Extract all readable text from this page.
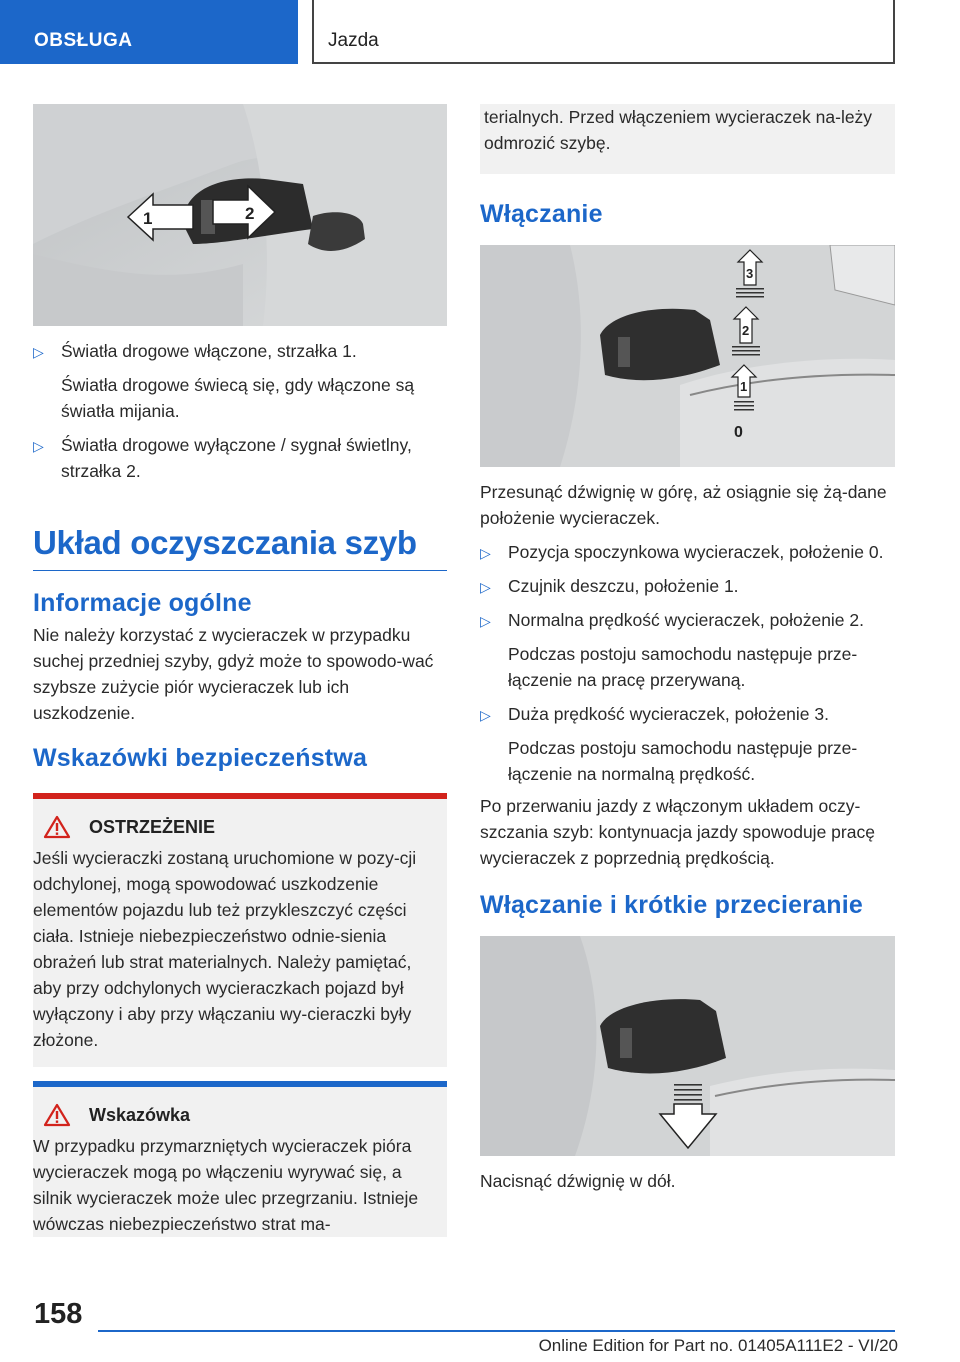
OBSŁUGA	Jazda
1	2
▷ Światła drogowe włączone, strzałka 1.
Światła drogowe świecą się, gdy włączone są światła mijania.
▷ Światła drogowe wyłączone / sygnał świetlny, strzałka 2.
Układ oczyszczania szyb
Informacje ogólne

Nie należy korzystać z wycieraczek w przypadku suchej przedniej szyby, gdyż może to spowodo‐wać szybsze zużycie piór wycieraczek lub ich uszkodzenie.

Wskazówki bezpieczeństwa
OSTRZEŻENIE

Jeśli wycieraczki zostaną uruchomione w pozy‐cji odchylonej, mogą spowodować uszkodzenie elementów pojazdu lub też przykleszczyć części ciała. Istnieje niebezpieczeństwo odnie‐sienia obrażeń lub strat materialnych. Należy pamiętać, aby przy odchylonych wycieraczkach pojazd był wyłączony i aby przy włączaniu wy‐cieraczki były złożone.

Wskazówka

W przypadku przymarzniętych wycieraczek pióra wycieraczek mogą po włączeniu wyrywać się, a silnik wycieraczek może ulec przegrzaniu. Istnieje wówczas niebezpieczeństwo strat ma‐

terialnych. Przed włączeniem wycieraczek na‐leży odmrozić szybę.

Włączanie
3
2
1
0

Przesunąć dźwignię w górę, aż osiągnie się żą‐dane położenie wycieraczek.

▷ Pozycja spoczynkowa wycieraczek, położenie 0.
▷ Czujnik deszczu, położenie 1.
▷ Normalna prędkość wycieraczek, położenie 2.
Podczas postoju samochodu następuje prze‐łączenie na pracę przerywaną.
▷ Duża prędkość wycieraczek, położenie 3.
Podczas postoju samochodu następuje prze‐łączenie na normalną prędkość.

Po przerwaniu jazdy z włączonym układem oczy‐szczania szyb: kontynuacja jazdy spowoduje pracę wycieraczek z poprzednią prędkością.

Włączanie i krótkie przecieranie

Nacisnąć dźwignię w dół.

158
Online Edition for Part no. 01405A111E2 - VI/20
